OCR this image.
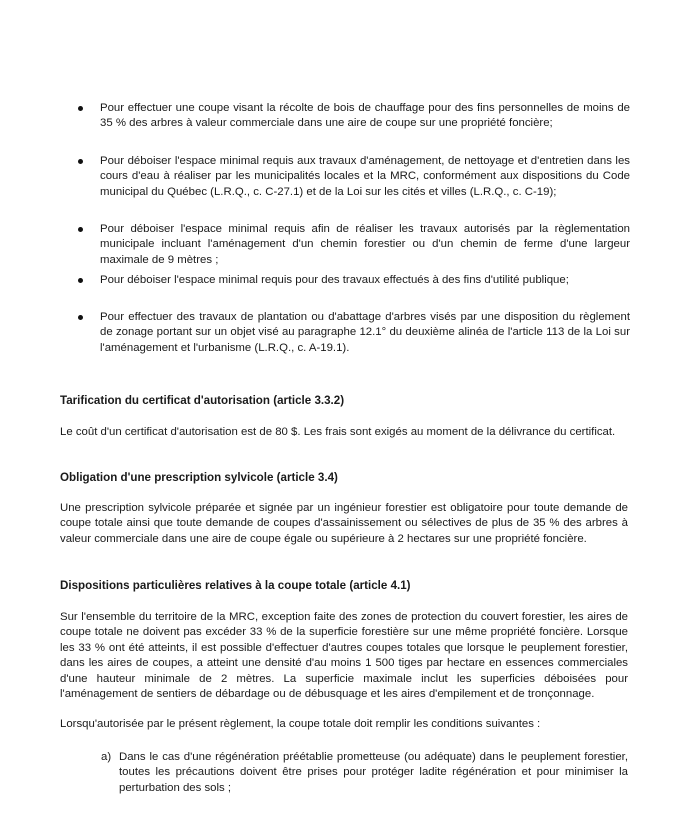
Pour effectuer une coupe visant la récolte de bois de chauffage pour des fins personnelles de moins de 35 % des arbres à valeur commerciale dans une aire de coupe sur une propriété foncière;
Pour déboiser l'espace minimal requis aux travaux d'aménagement, de nettoyage et d'entretien dans les cours d'eau à réaliser par les municipalités locales et la MRC, conformément aux dispositions du Code municipal du Québec (L.R.Q., c. C-27.1) et de la Loi sur les cités et villes (L.R.Q., c. C-19);
Pour déboiser l'espace minimal requis afin de réaliser les travaux autorisés par la règlementation municipale incluant l'aménagement d'un chemin forestier ou d'un chemin de ferme d'une largeur maximale de 9 mètres ;
Pour déboiser l'espace minimal requis pour des travaux effectués à des fins d'utilité publique;
Pour effectuer des travaux de plantation ou d'abattage d'arbres visés par une disposition du règlement de zonage portant sur un objet visé au paragraphe 12.1° du deuxième alinéa de l'article 113 de la Loi sur l'aménagement et l'urbanisme (L.R.Q., c. A-19.1).
Tarification du certificat d'autorisation (article 3.3.2)
Le coût d'un certificat d'autorisation est de 80 $. Les frais sont exigés au moment de la délivrance du certificat.
Obligation d'une prescription sylvicole (article 3.4)
Une prescription sylvicole préparée et signée par un ingénieur forestier est obligatoire pour toute demande de coupe totale ainsi que toute demande de coupes d'assainissement ou sélectives de plus de 35 % des arbres à valeur commerciale dans une aire de coupe égale ou supérieure à 2 hectares sur une propriété foncière.
Dispositions particulières relatives à la coupe totale (article 4.1)
Sur l'ensemble du territoire de la MRC, exception faite des zones de protection du couvert forestier, les aires de coupe totale ne doivent pas excéder 33 % de la superficie forestière sur une même propriété foncière. Lorsque les 33 % ont été atteints, il est possible d'effectuer d'autres coupes totales que lorsque le peuplement forestier, dans les aires de coupes, a atteint une densité d'au moins 1 500 tiges par hectare en essences commerciales d'une hauteur minimale de 2 mètres. La superficie maximale inclut les superficies déboisées pour l'aménagement de sentiers de débardage ou de débusquage et les aires d'empilement et de tronçonnage.
Lorsqu'autorisée par le présent règlement, la coupe totale doit remplir les conditions suivantes :
a) Dans le cas d'une régénération préétablie prometteuse (ou adéquate) dans le peuplement forestier, toutes les précautions doivent être prises pour protéger ladite régénération et pour minimiser la perturbation des sols ;
